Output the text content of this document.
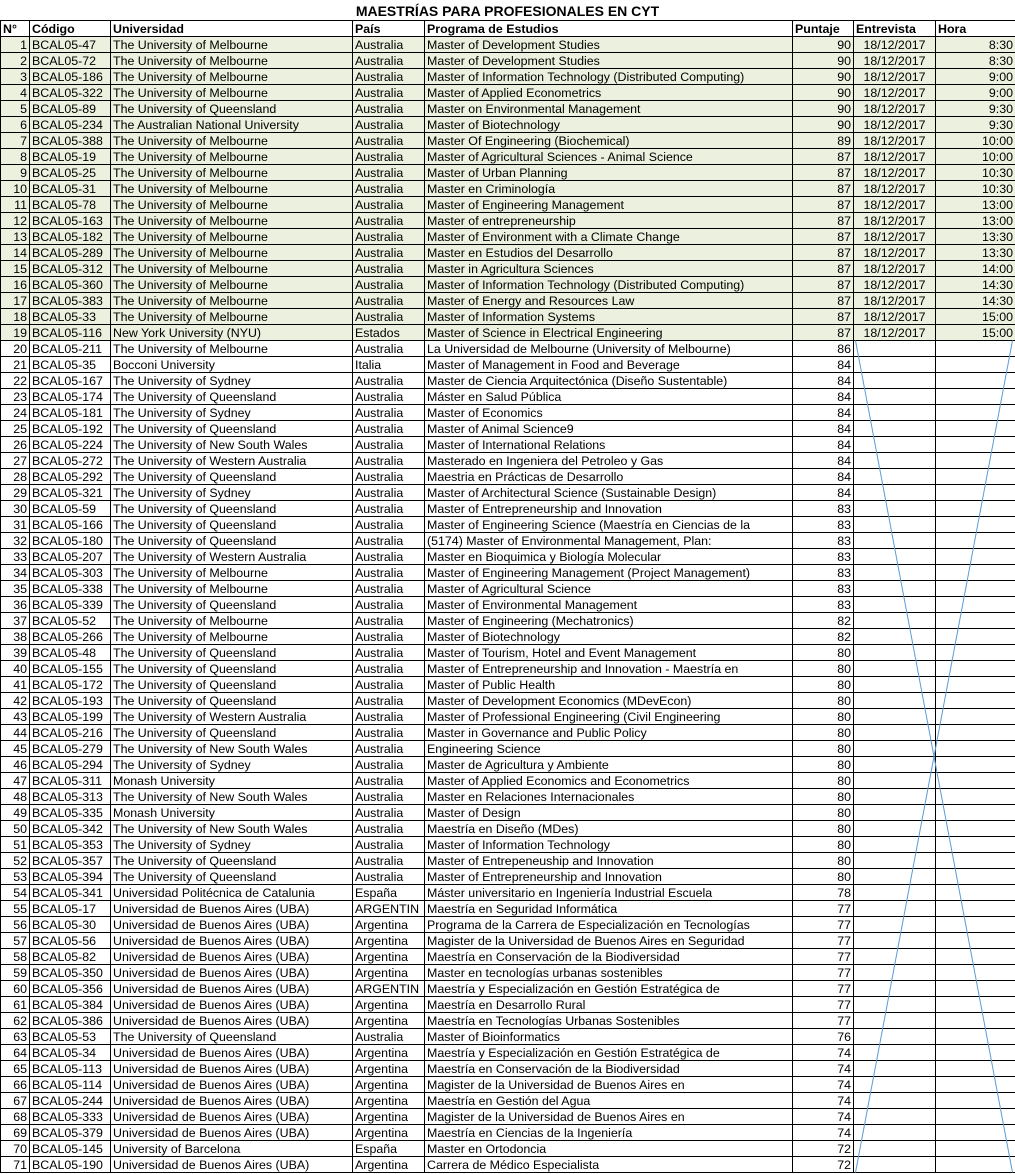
MAESTRÍAS PARA PROFESIONALES EN CYT
N°	Código	Universidad	País	Programa de Estudios	Puntaje	Entrevista	Hora
1	BCAL05-47	The University of Melbourne	Australia	Master of Development Studies	90	18/12/2017	8:30
2	BCAL05-72	The University of Melbourne	Australia	Master of Development Studies	90	18/12/2017	8:30
3	BCAL05-186	The University of Melbourne	Australia	Master of Information Technology (Distributed Computing)	90	18/12/2017	9:00
4	BCAL05-322	The University of Melbourne	Australia	Master of Applied Econometrics	90	18/12/2017	9:00
5	BCAL05-89	The University of Queensland	Australia	Master on Environmental Management	90	18/12/2017	9:30
6	BCAL05-234	The Australian National University	Australia	Master of Biotechnology	90	18/12/2017	9:30
7	BCAL05-388	The University of Melbourne	Australia	Master Of Engineering (Biochemical)	89	18/12/2017	10:00
8	BCAL05-19	The University of Melbourne	Australia	Master of Agricultural Sciences - Animal Science	87	18/12/2017	10:00
9	BCAL05-25	The University of Melbourne	Australia	Master of Urban Planning	87	18/12/2017	10:30
10	BCAL05-31	The University of Melbourne	Australia	Master en Criminología	87	18/12/2017	10:30
11	BCAL05-78	The University of Melbourne	Australia	Master of Engineering Management	87	18/12/2017	13:00
12	BCAL05-163	The University of Melbourne	Australia	Master of entrepreneurship	87	18/12/2017	13:00
13	BCAL05-182	The University of Melbourne	Australia	Master of Environment with a Climate Change	87	18/12/2017	13:30
14	BCAL05-289	The University of Melbourne	Australia	Master en Estudios del Desarrollo	87	18/12/2017	13:30
15	BCAL05-312	The University of Melbourne	Australia	Master in Agricultura Sciences	87	18/12/2017	14:00
16	BCAL05-360	The University of Melbourne	Australia	Master of Information Technology (Distributed Computing)	87	18/12/2017	14:30
17	BCAL05-383	The University of Melbourne	Australia	Master of Energy and Resources Law	87	18/12/2017	14:30
18	BCAL05-33	The University of Melbourne	Australia	Master of Information Systems	87	18/12/2017	15:00
19	BCAL05-116	New York University (NYU)	Estados	Master of Science in Electrical Engineering	87	18/12/2017	15:00
20	BCAL05-211	The University of Melbourne	Australia	La Universidad de Melbourne (University of Melbourne)	86		
21	BCAL05-35	Bocconi University	Italia	Master of Management in Food and Beverage	84		
22	BCAL05-167	The University of Sydney	Australia	Master de Ciencia Arquitectónica (Diseño Sustentable)	84		
23	BCAL05-174	The University of Queensland	Australia	Máster en Salud Pública	84		
24	BCAL05-181	The University of Sydney	Australia	Master of Economics	84		
25	BCAL05-192	The University of Queensland	Australia	Master of Animal Science9	84		
26	BCAL05-224	The University of New South Wales	Australia	Master of International Relations	84		
27	BCAL05-272	The University of Western Australia	Australia	Masterado en Ingeniera del Petroleo y Gas	84		
28	BCAL05-292	The University of Queensland	Australia	Maestria en Prácticas de Desarrollo	84		
29	BCAL05-321	The University of Sydney	Australia	Master of Architectural Science (Sustainable Design)	84		
30	BCAL05-59	The University of Queensland	Australia	Master of Entrepreneurship and Innovation	83		
31	BCAL05-166	The University of Queensland	Australia	Master of Engineering Science (Maestría en Ciencias de la	83		
32	BCAL05-180	The University of Queensland	Australia	(5174) Master of Environmental Management, Plan:	83		
33	BCAL05-207	The University of Western Australia	Australia	Master en Bioquimica y Biología Molecular	83		
34	BCAL05-303	The University of Melbourne	Australia	Master of Engineering Management (Project Management)	83		
35	BCAL05-338	The University of Melbourne	Australia	Master of Agricultural Science	83		
36	BCAL05-339	The University of Queensland	Australia	Master of Environmental Management	83		
37	BCAL05-52	The University of Melbourne	Australia	Master of Engineering (Mechatronics)	82		
38	BCAL05-266	The University of Melbourne	Australia	Master of Biotechnology	82		
39	BCAL05-48	The University of Queensland	Australia	Master of Tourism, Hotel and Event Management	80		
40	BCAL05-155	The University of Queensland	Australia	Master of Entrepreneurship and Innovation - Maestría en	80		
41	BCAL05-172	The University of Queensland	Australia	Master of Public Health	80		
42	BCAL05-193	The University of Queensland	Australia	Master of Development Economics (MDevEcon)	80		
43	BCAL05-199	The University of Western Australia	Australia	Master of Professional Engineering (Civil Engineering	80		
44	BCAL05-216	The University of Queensland	Australia	Master in Governance and Public Policy	80		
45	BCAL05-279	The University of New South Wales	Australia	Engineering Science	80		
46	BCAL05-294	The University of Sydney	Australia	Master de Agricultura y Ambiente	80		
47	BCAL05-311	Monash University	Australia	Master of Applied Economics and Econometrics	80		
48	BCAL05-313	The University of New South Wales	Australia	Master en Relaciones Internacionales	80		
49	BCAL05-335	Monash University	Australia	Master of Design	80		
50	BCAL05-342	The University of New South Wales	Australia	Maestría en Diseño (MDes)	80		
51	BCAL05-353	The University of Sydney	Australia	Master of Information Technology	80		
52	BCAL05-357	The University of Queensland	Australia	Master of Entrepeneuship and Innovation	80		
53	BCAL05-394	The University of Queensland	Australia	Master of Entrepreneurship and Innovation	80		
54	BCAL05-341	Universidad Politécnica de Catalunia	España	Máster universitario en Ingeniería Industrial Escuela	78		
55	BCAL05-17	Universidad de Buenos Aires (UBA)	ARGENTIN	Maestría en Seguridad Informática	77		
56	BCAL05-30	Universidad de Buenos Aires (UBA)	Argentina	Programa de la Carrera de Especialización en Tecnologías	77		
57	BCAL05-56	Universidad de Buenos Aires (UBA)	Argentina	Magister de la Universidad de Buenos Aires en Seguridad	77		
58	BCAL05-82	Universidad de Buenos Aires (UBA)	Argentina	Maestría en Conservación de la Biodiversidad	77		
59	BCAL05-350	Universidad de Buenos Aires (UBA)	Argentina	Master en tecnologías urbanas sostenibles	77		
60	BCAL05-356	Universidad de Buenos Aires (UBA)	ARGENTIN	Maestría y Especialización en Gestión Estratégica de	77		
61	BCAL05-384	Universidad de Buenos Aires (UBA)	Argentina	Maestría en Desarrollo Rural	77		
62	BCAL05-386	Universidad de Buenos Aires (UBA)	Argentina	Maestría en Tecnologías Urbanas Sostenibles	77		
63	BCAL05-53	The University of Queensland	Australia	Master of Bioinformatics	76		
64	BCAL05-34	Universidad de Buenos Aires (UBA)	Argentina	Maestría y Especialización en Gestión Estratégica de	74		
65	BCAL05-113	Universidad de Buenos Aires (UBA)	Argentina	Maestría en Conservación de la Biodiversidad	74		
66	BCAL05-114	Universidad de Buenos Aires (UBA)	Argentina	Magister de la Universidad de Buenos Aires en	74		
67	BCAL05-244	Universidad de Buenos Aires (UBA)	Argentina	Maestría en Gestión del Agua	74		
68	BCAL05-333	Universidad de Buenos Aires (UBA)	Argentina	Magister de la Universidad de Buenos Aires en	74		
69	BCAL05-379	Universidad de Buenos Aires (UBA)	Argentina	Maestría en Ciencias de la Ingeniería	74		
70	BCAL05-145	University of Barcelona	España	Master en Ortodoncia	72		
71	BCAL05-190	Universidad de Buenos Aires (UBA)	Argentina	Carrera de Médico Especialista	72		
